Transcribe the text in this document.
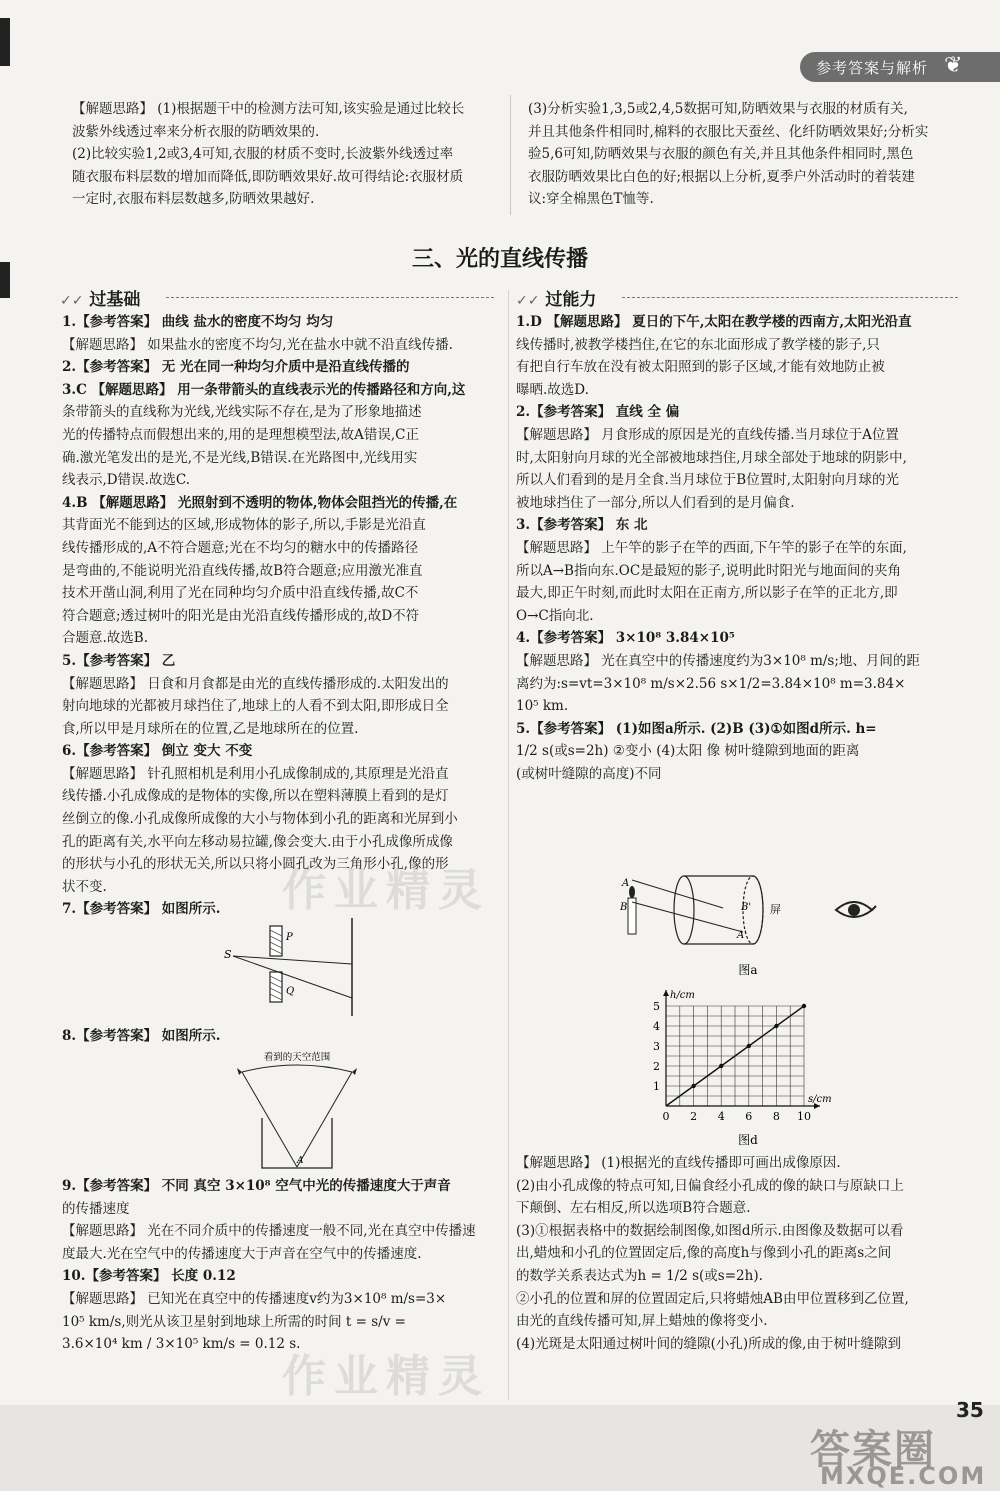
参考答案与解析 ❦

【解题思路】 (1)根据题干中的检测方法可知,该实验是通过比较长

波紫外线透过率来分析衣服的防晒效果的.

(2)比较实验1,2或3,4可知,衣服的材质不变时,长波紫外线透过率

随衣服布料层数的增加而降低,即防晒效果好.故可得结论:衣服材质

一定时,衣服布料层数越多,防晒效果越好.

(3)分析实验1,3,5或2,4,5数据可知,防晒效果与衣服的材质有关,

并且其他条件相同时,棉料的衣服比天蚕丝、化纤防晒效果好;分析实

验5,6可知,防晒效果与衣服的颜色有关,并且其他条件相同时,黑色

衣服防晒效果比白色的好;根据以上分析,夏季户外活动时的着装建

议:穿全棉黑色T恤等.

三、光的直线传播
✓✓ 过基础	✓✓ 过能力

1.【参考答案】 曲线 盐水的密度不均匀 均匀

【解题思路】 如果盐水的密度不均匀,光在盐水中就不沿直线传播.

2.【参考答案】 无 光在同一种均匀介质中是沿直线传播的

3.C 【解题思路】 用一条带箭头的直线表示光的传播路径和方向,这

条带箭头的直线称为光线,光线实际不存在,是为了形象地描述

光的传播特点而假想出来的,用的是理想模型法,故A错误,C正

确.激光笔发出的是光,不是光线,B错误.在光路图中,光线用实

线表示,D错误.故选C.

4.B 【解题思路】 光照射到不透明的物体,物体会阻挡光的传播,在

其背面光不能到达的区域,形成物体的影子,所以,手影是光沿直

线传播形成的,A不符合题意;光在不均匀的糖水中的传播路径

是弯曲的,不能说明光沿直线传播,故B符合题意;应用激光准直

技术开凿山洞,利用了光在同种均匀介质中沿直线传播,故C不

符合题意;透过树叶的阳光是由光沿直线传播形成的,故D不符

合题意.故选B.

5.【参考答案】 乙

【解题思路】 日食和月食都是由光的直线传播形成的.太阳发出的

射向地球的光都被月球挡住了,地球上的人看不到太阳,即形成日全

食,所以甲是月球所在的位置,乙是地球所在的位置.

6.【参考答案】 倒立 变大 不变

【解题思路】 针孔照相机是利用小孔成像制成的,其原理是光沿直

线传播.小孔成像成的是物体的实像,所以在塑料薄膜上看到的是灯

丝倒立的像.小孔成像所成像的大小与物体到小孔的距离和光屏到小

孔的距离有关,水平向左移动易拉罐,像会变大.由于小孔成像所成像

的形状与小孔的形状无关,所以只将小圆孔改为三角形小孔,像的形

状不变.

7.【参考答案】 如图所示.

S
P
Q

8.【参考答案】 如图所示.

看到的天空范围
A

9.【参考答案】 不同 真空 3×10⁸ 空气中光的传播速度大于声音

的传播速度

【解题思路】 光在不同介质中的传播速度一般不同,光在真空中传播速

度最大.光在空气中的传播速度大于声音在空气中的传播速度.

10.【参考答案】 长度 0.12

【解题思路】 已知光在真空中的传播速度v约为3×10⁸ m/s=3×

10⁵ km/s,则光从该卫星射到地球上所需的时间 t = s/v =

3.6×10⁴ km / 3×10⁵ km/s = 0.12 s.

1.D 【解题思路】 夏日的下午,太阳在教学楼的西南方,太阳光沿直

线传播时,被教学楼挡住,在它的东北面形成了教学楼的影子,只

有把自行车放在没有被太阳照到的影子区域,才能有效地防止被

曝晒.故选D.

2.【参考答案】 直线 全 偏

【解题思路】 月食形成的原因是光的直线传播.当月球位于A位置

时,太阳射向月球的光全部被地球挡住,月球全部处于地球的阴影中,

所以人们看到的是月全食.当月球位于B位置时,太阳射向月球的光

被地球挡住了一部分,所以人们看到的是月偏食.

3.【参考答案】 东 北

【解题思路】 上午竿的影子在竿的西面,下午竿的影子在竿的东面,

所以A→B指向东.OC是最短的影子,说明此时阳光与地面间的夹角

最大,即正午时刻,而此时太阳在正南方,所以影子在竿的正北方,即

O→C指向北.

4.【参考答案】 3×10⁸ 3.84×10⁵

【解题思路】 光在真空中的传播速度约为3×10⁸ m/s;地、月间的距

离约为:s=vt=3×10⁸ m/s×2.56 s×1/2=3.84×10⁸ m=3.84×

10⁵ km.

5.【参考答案】 (1)如图a所示. (2)B (3)①如图d所示. h=

1/2 s(或s=2h) ②变小 (4)太阳 像 树叶缝隙到地面的距离

(或树叶缝隙的高度)不同

A
B	B'
A'
屏
图a
s/cm
h/cm
0 2 4 6 8 10
1
2
3
4
5
图d

【解题思路】 (1)根据光的直线传播即可画出成像原因.

(2)由小孔成像的特点可知,日偏食经小孔成的像的缺口与原缺口上

下颠倒、左右相反,所以选项B符合题意.

(3)①根据表格中的数据绘制图像,如图d所示.由图像及数据可以看

出,蜡烛和小孔的位置固定后,像的高度h与像到小孔的距离s之间

的数学关系表达式为h = 1/2 s(或s=2h).

②小孔的位置和屏的位置固定后,只将蜡烛AB由甲位置移到乙位置,

由光的直线传播可知,屏上蜡烛的像将变小.

(4)光斑是太阳通过树叶间的缝隙(小孔)所成的像,由于树叶缝隙到

作业精灵
作业精灵
答案圈
MXQE.COM
35
